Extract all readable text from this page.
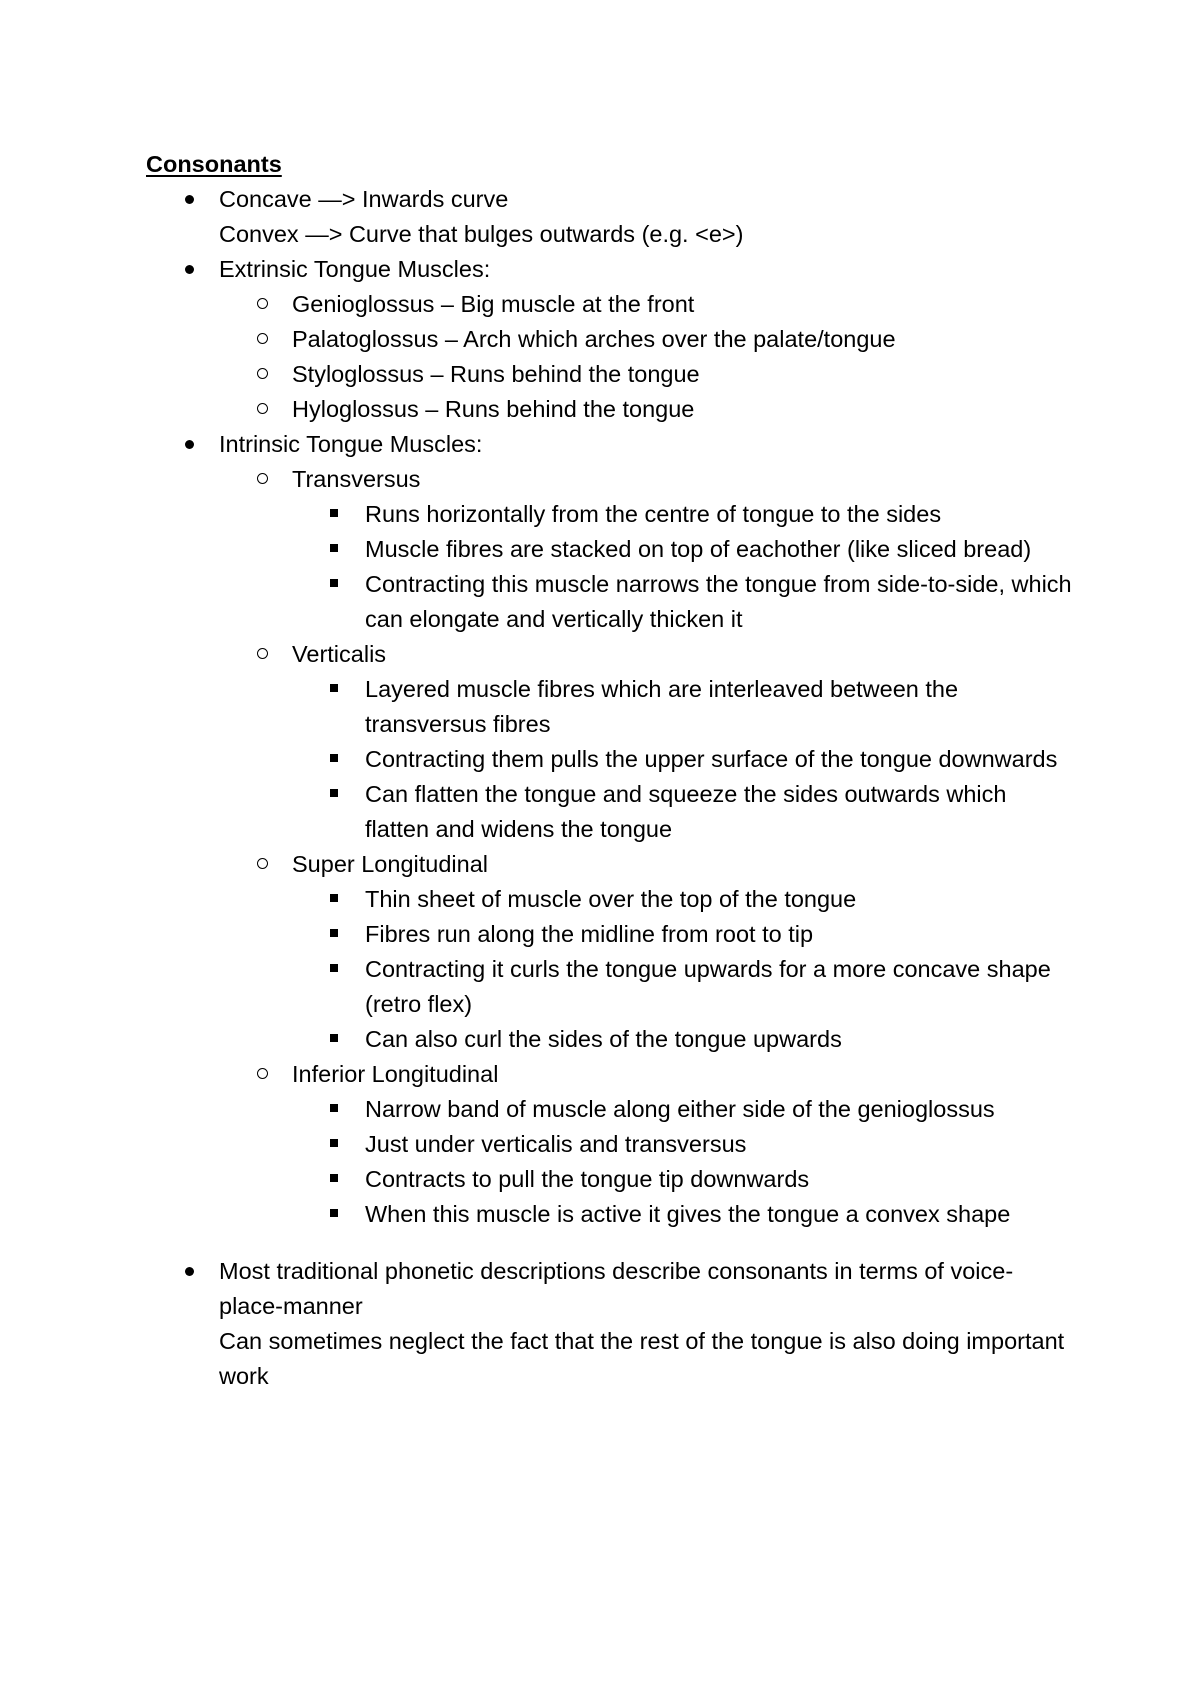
Consonants
Concave —> Inwards curve
Convex —> Curve that bulges outwards (e.g. <e>)
Extrinsic Tongue Muscles:
Genioglossus – Big muscle at the front
Palatoglossus – Arch which arches over the palate/tongue
Styloglossus – Runs behind the tongue
Hyloglossus – Runs behind the tongue
Intrinsic Tongue Muscles:
Transversus
Runs horizontally from the centre of tongue to the sides
Muscle fibres are stacked on top of eachother (like sliced bread)
Contracting this muscle narrows the tongue from side-to-side, which can elongate and vertically thicken it
Verticalis
Layered muscle fibres which are interleaved between the transversus fibres
Contracting them pulls the upper surface of the tongue downwards
Can flatten the tongue and squeeze the sides outwards which flatten and widens the tongue
Super Longitudinal
Thin sheet of muscle over the top of the tongue
Fibres run along the midline from root to tip
Contracting it curls the tongue upwards for a more concave shape (retro flex)
Can also curl the sides of the tongue upwards
Inferior Longitudinal
Narrow band of muscle along either side of the genioglossus
Just under verticalis and transversus
Contracts to pull the tongue tip downwards
When this muscle is active it gives the tongue a convex shape
Most traditional phonetic descriptions describe consonants in terms of voice-place-manner
Can sometimes neglect the fact that the rest of the tongue is also doing important work
